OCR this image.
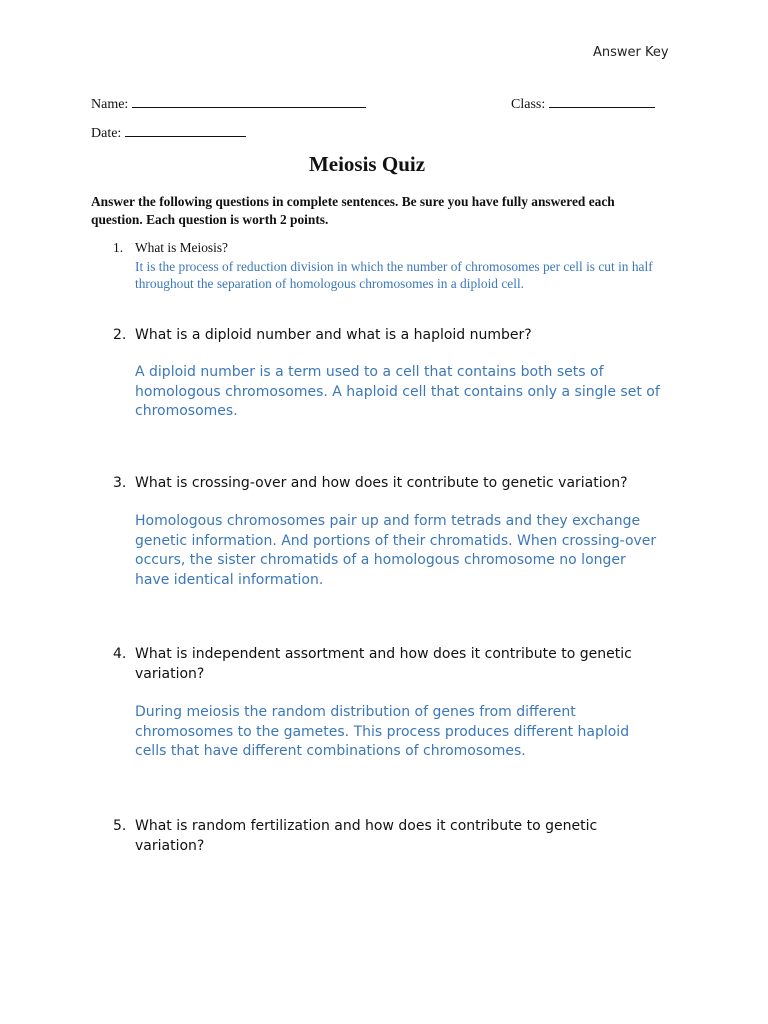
Answer Key
Name:	Class:
Date:
Meiosis Quiz
Answer the following questions in complete sentences. Be sure you have fully answered each question. Each question is worth 2 points.
1. What is Meiosis?
It is the process of reduction division in which the number of chromosomes per cell is cut in half throughout the separation of homologous chromosomes in a diploid cell.
2. What is a diploid number and what is a haploid number?
A diploid number is a term used to a cell that contains both sets of homologous chromosomes. A haploid cell that contains only a single set of chromosomes.
3. What is crossing-over and how does it contribute to genetic variation?
Homologous chromosomes pair up and form tetrads and they exchange genetic information. And portions of their chromatids. When crossing-over occurs, the sister chromatids of a homologous chromosome no longer have identical information.
4. What is independent assortment and how does it contribute to genetic variation?
During meiosis the random distribution of genes from different chromosomes to the gametes. This process produces different haploid cells that have different combinations of chromosomes.
5. What is random fertilization and how does it contribute to genetic variation?
